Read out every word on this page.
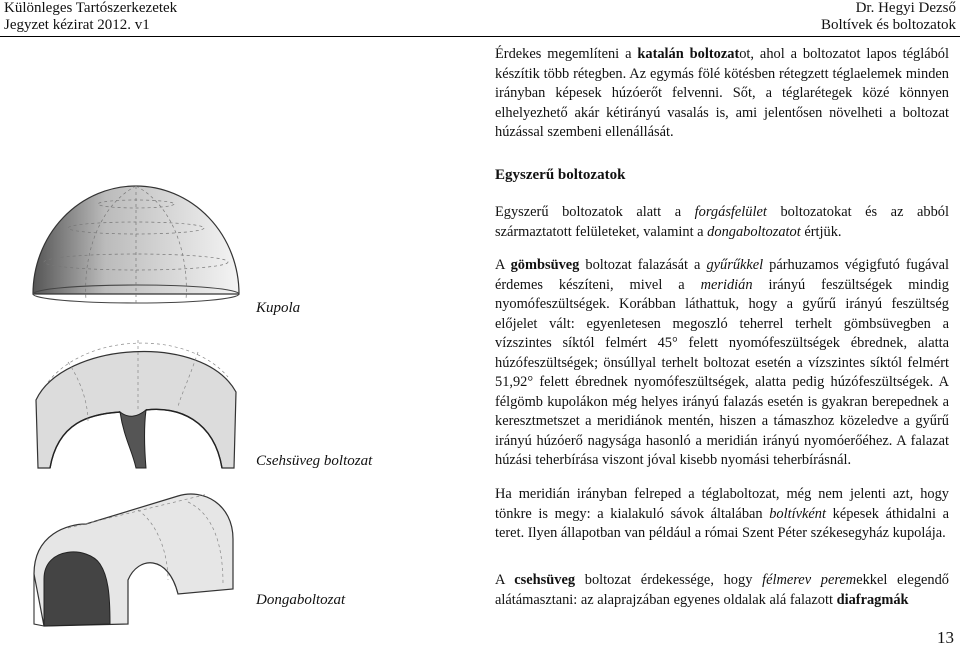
Különleges Tartószerkezetek
Jegyzet kézirat 2012. v1
Dr. Hegyi Dezső
Boltívek és boltozatok
Érdekes megemlíteni a katalán boltozatot, ahol a boltozatot lapos téglából készítik több rétegben. Az egymás fölé kötésben rétegzett téglaelemek minden irányban képesek húzóerőt felvenni. Sőt, a téglarétegek közé könnyen elhelyezhető akár kétirányú vasalás is, ami jelentősen növelheti a boltozat húzással szembeni ellenállását.
Egyszerű boltozatok
Egyszerű boltozatok alatt a forgásfelület boltozatokat és az abból származtatott felületeket, valamint a dongaboltozatot értjük.
A gömbsüveg boltozat falazását a gyűrűkkel párhuzamos végigfutó fugával érdemes készíteni, mivel a meridián irányú feszültségek mindig nyomófeszültségek. Korábban láthattuk, hogy a gyűrű irányú feszültség előjelet vált: egyenletesen megoszló teherrel terhelt gömbsüvegben a vízszintes síktól felmért 45° felett nyomófeszültségek ébrednek, alatta húzófeszültségek; önsúllyal terhelt boltozat esetén a vízszintes síktól felmért 51,92° felett ébrednek nyomófeszültségek, alatta pedig húzófeszültségek. A félgömb kupolákon még helyes irányú falazás esetén is gyakran berepednek a keresztmetszet a meridiánok mentén, hiszen a támaszhoz közeledve a gyűrű irányú húzóerő nagysága hasonló a meridián irányú nyomóerőéhez. A falazat húzási teherbírása viszont jóval kisebb nyomási teherbírásnál.
Ha meridián irányban felreped a téglaboltozat, még nem jelenti azt, hogy tönkre is megy: a kialakuló sávok általában boltívként képesek áthidalni a teret. Ilyen állapotban van például a római Szent Péter székesegyház kupolája.
A csehsüveg boltozat érdekessége, hogy félmerev peremekkel elegendő alátámasztani: az alaprajzában egyenes oldalak alá falazott diafragmák
Kupola
Csehsüveg boltozat
Dongaboltozat
13
